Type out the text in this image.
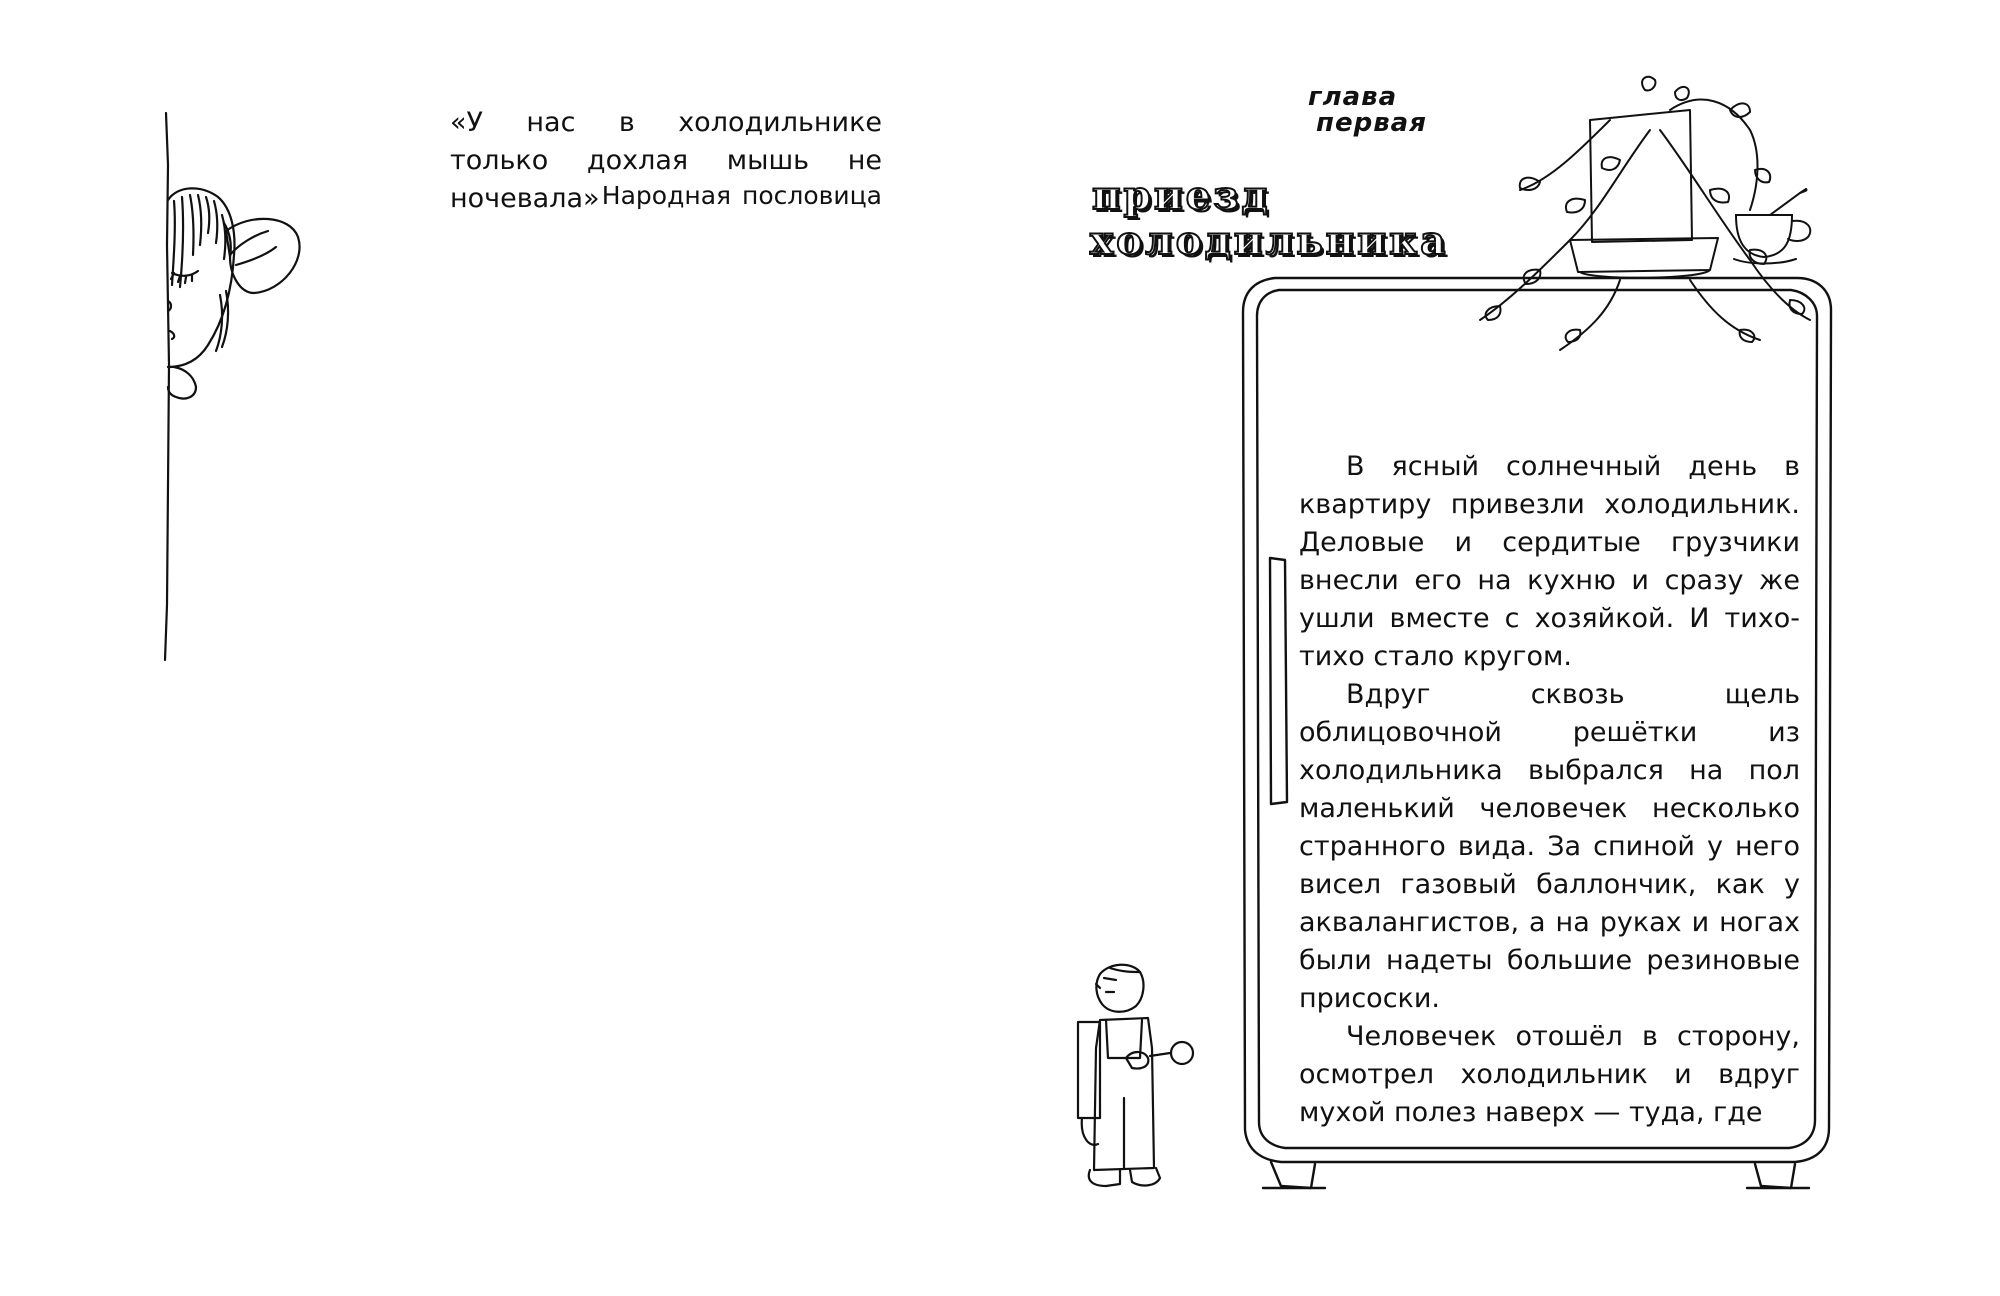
«У нас в холодильнике только дохлая мышь не ночевала» Народная пословица
глава
первая
приезд
холодильника

В ясный солнечный день в квартиру привезли холодильник. Деловые и сердитые грузчики внесли его на кухню и сразу же ушли вместе с хозяйкой. И тихо-тихо стало кругом.

Вдруг сквозь щель облицовочной решётки из холодильника выбрался на пол маленький человечек несколько странного вида. За спиной у него висел газовый баллончик, как у аквалангистов, а на руках и ногах были надеты большие резиновые присоски.

Человечек отошёл в сторону, осмотрел холодильник и вдруг мухой полез наверх — туда, где
